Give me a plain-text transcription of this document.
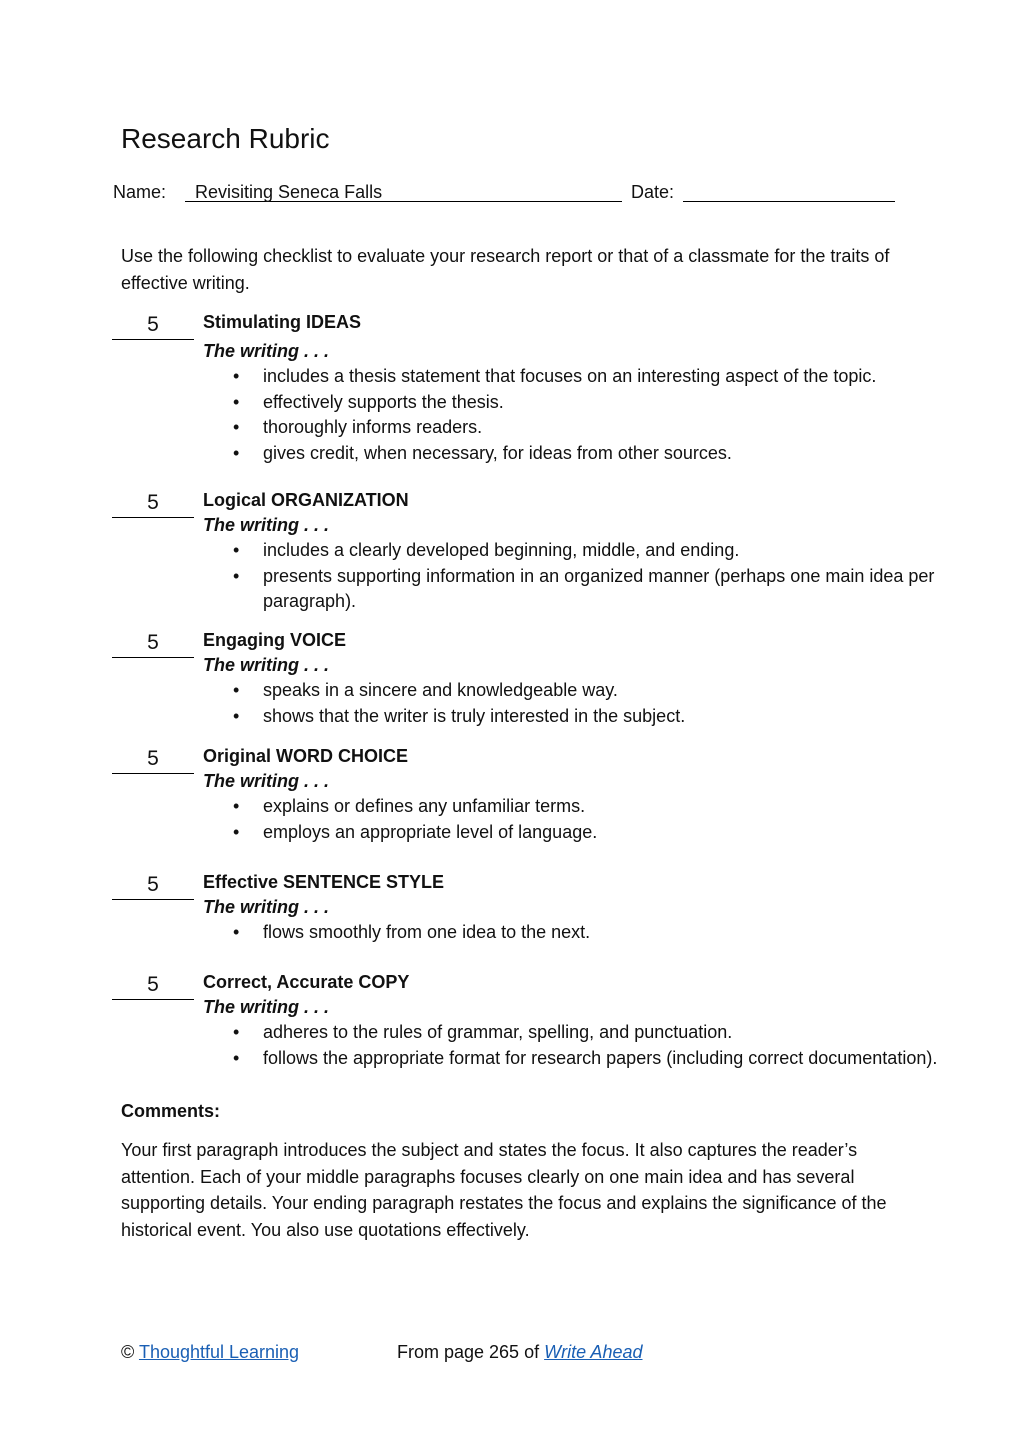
Research Rubric
Name:	Revisiting Seneca Falls	Date:

Use the following checklist to evaluate your research report or that of a classmate for the traits of effective writing.

5	Stimulating IDEAS

The writing . . .

• includes a thesis statement that focuses on an interesting aspect of the topic.
• effectively supports the thesis.
• thoroughly informs readers.
• gives credit, when necessary, for ideas from other sources.
5	Logical ORGANIZATION

The writing . . .

• includes a clearly developed beginning, middle, and ending.
• presents supporting information in an organized manner (perhaps one main idea per paragraph).
5	Engaging VOICE

The writing . . .

• speaks in a sincere and knowledgeable way.
• shows that the writer is truly interested in the subject.
5	Original WORD CHOICE

The writing . . .

• explains or defines any unfamiliar terms.
• employs an appropriate level of language.
5	Effective SENTENCE STYLE

The writing . . .

• flows smoothly from one idea to the next.
5	Correct, Accurate COPY

The writing . . .

• adheres to the rules of grammar, spelling, and punctuation.
• follows the appropriate format for research papers (including correct documentation).

Comments:

Your first paragraph introduces the subject and states the focus. It also captures the reader’s attention. Each of your middle paragraphs focuses clearly on one main idea and has several supporting details. Your ending paragraph restates the focus and explains the significance of the historical event. You also use quotations effectively.

© Thoughtful Learning	From page 265 of Write Ahead
